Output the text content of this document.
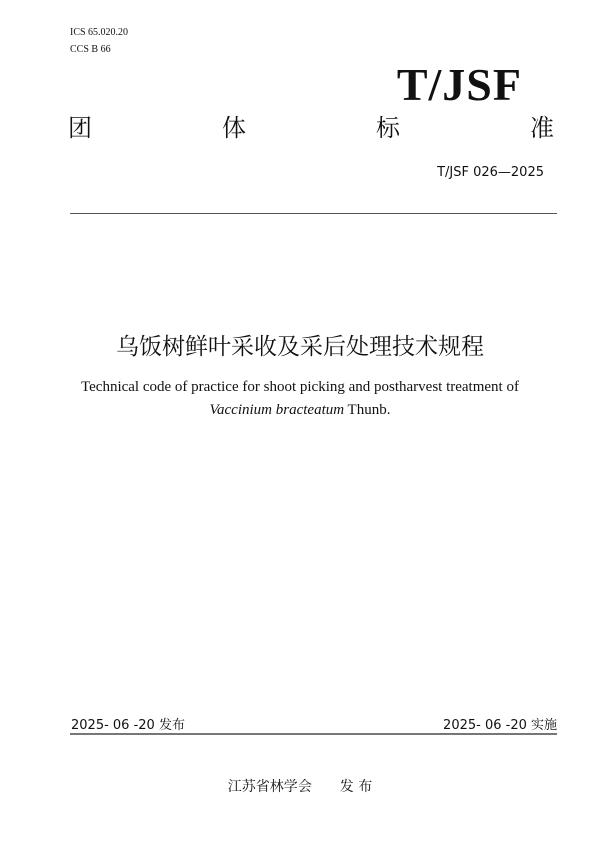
ICS 65.020.20
CCS B 66
T/JSF
团	体	标	准
T/JSF 026—2025
乌饭树鲜叶采收及采后处理技术规程
Technical code of practice for shoot picking and postharvest treatment of Vaccinium bracteatum Thunb.
2025- 06 -20 发布	2025- 06 -20 实施
江苏省林学会 发 布
